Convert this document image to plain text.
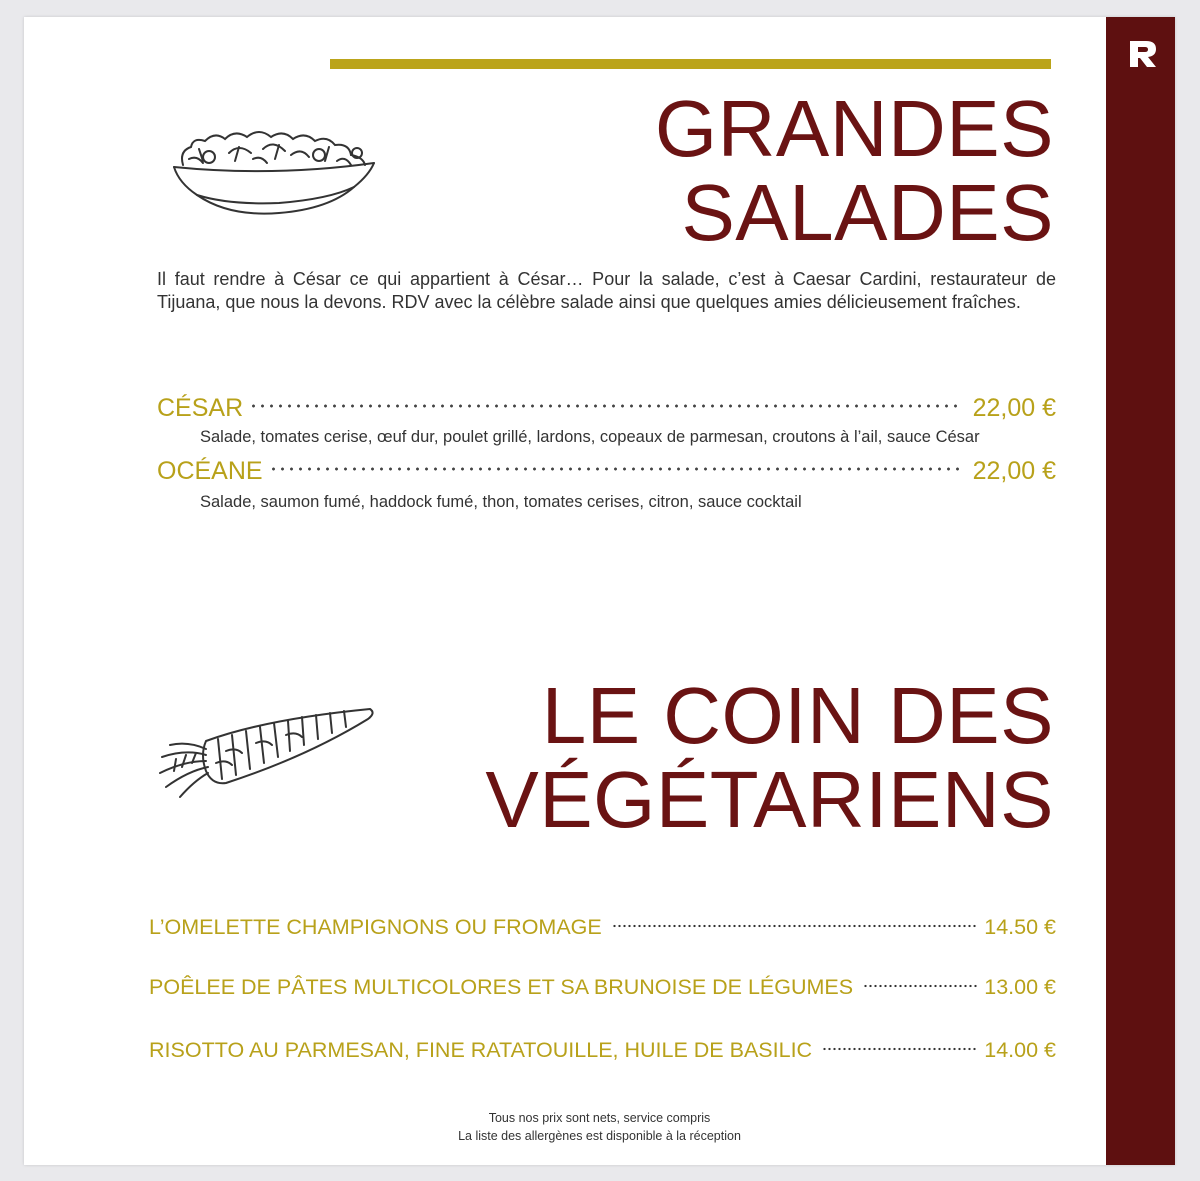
GRANDES
SALADES

Il faut rendre à César ce qui appartient à César… Pour la salade, c’est à Caesar Cardini, restaurateur de Tijuana, que nous la devons. RDV avec la célèbre salade ainsi que quelques amies délicieusement fraîches.

CÉSAR	22,00 €

Salade, tomates cerise, œuf dur, poulet grillé, lardons, copeaux de parmesan, croutons à l’ail, sauce César

OCÉANE	22,00 €

Salade, saumon fumé, haddock fumé, thon, tomates cerises, citron, sauce cocktail

LE COIN DES
VÉGÉTARIENS
L’OMELETTE CHAMPIGNONS OU FROMAGE	14.50 €
POÊLEE DE PÂTES MULTICOLORES ET SA BRUNOISE DE LÉGUMES	13.00 €
RISOTTO AU PARMESAN, FINE RATATOUILLE, HUILE DE BASILIC	14.00 €

Tous nos prix sont nets, service compris

La liste des allergènes est disponible à la réception
